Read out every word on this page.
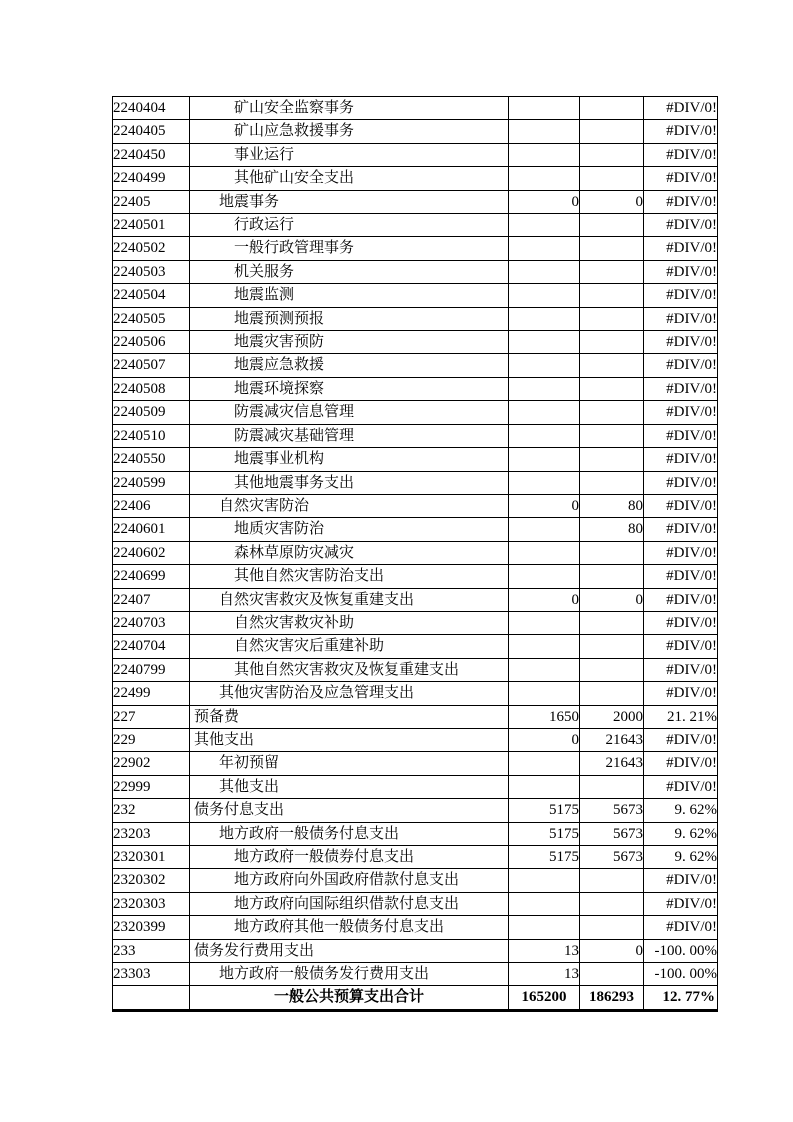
2240404	矿山安全监察事务			#DIV/0!
2240405	矿山应急救援事务			#DIV/0!
2240450	事业运行			#DIV/0!
2240499	其他矿山安全支出			#DIV/0!
22405	地震事务	0	0	#DIV/0!
2240501	行政运行			#DIV/0!
2240502	一般行政管理事务			#DIV/0!
2240503	机关服务			#DIV/0!
2240504	地震监测			#DIV/0!
2240505	地震预测预报			#DIV/0!
2240506	地震灾害预防			#DIV/0!
2240507	地震应急救援			#DIV/0!
2240508	地震环境探察			#DIV/0!
2240509	防震减灾信息管理			#DIV/0!
2240510	防震减灾基础管理			#DIV/0!
2240550	地震事业机构			#DIV/0!
2240599	其他地震事务支出			#DIV/0!
22406	自然灾害防治	0	80	#DIV/0!
2240601	地质灾害防治		80	#DIV/0!
2240602	森林草原防灾减灾			#DIV/0!
2240699	其他自然灾害防治支出			#DIV/0!
22407	自然灾害救灾及恢复重建支出	0	0	#DIV/0!
2240703	自然灾害救灾补助			#DIV/0!
2240704	自然灾害灾后重建补助			#DIV/0!
2240799	其他自然灾害救灾及恢复重建支出			#DIV/0!
22499	其他灾害防治及应急管理支出			#DIV/0!
227	预备费	1650	2000	21. 21%
229	其他支出	0	21643	#DIV/0!
22902	年初预留		21643	#DIV/0!
22999	其他支出			#DIV/0!
232	债务付息支出	5175	5673	9. 62%
23203	地方政府一般债务付息支出	5175	5673	9. 62%
2320301	地方政府一般债券付息支出	5175	5673	9. 62%
2320302	地方政府向外国政府借款付息支出			#DIV/0!
2320303	地方政府向国际组织借款付息支出			#DIV/0!
2320399	地方政府其他一般债务付息支出			#DIV/0!
233	债务发行费用支出	13	0	-100. 00%
23303	地方政府一般债务发行费用支出	13		-100. 00%
	一般公共预算支出合计	165200	186293	12. 77%
